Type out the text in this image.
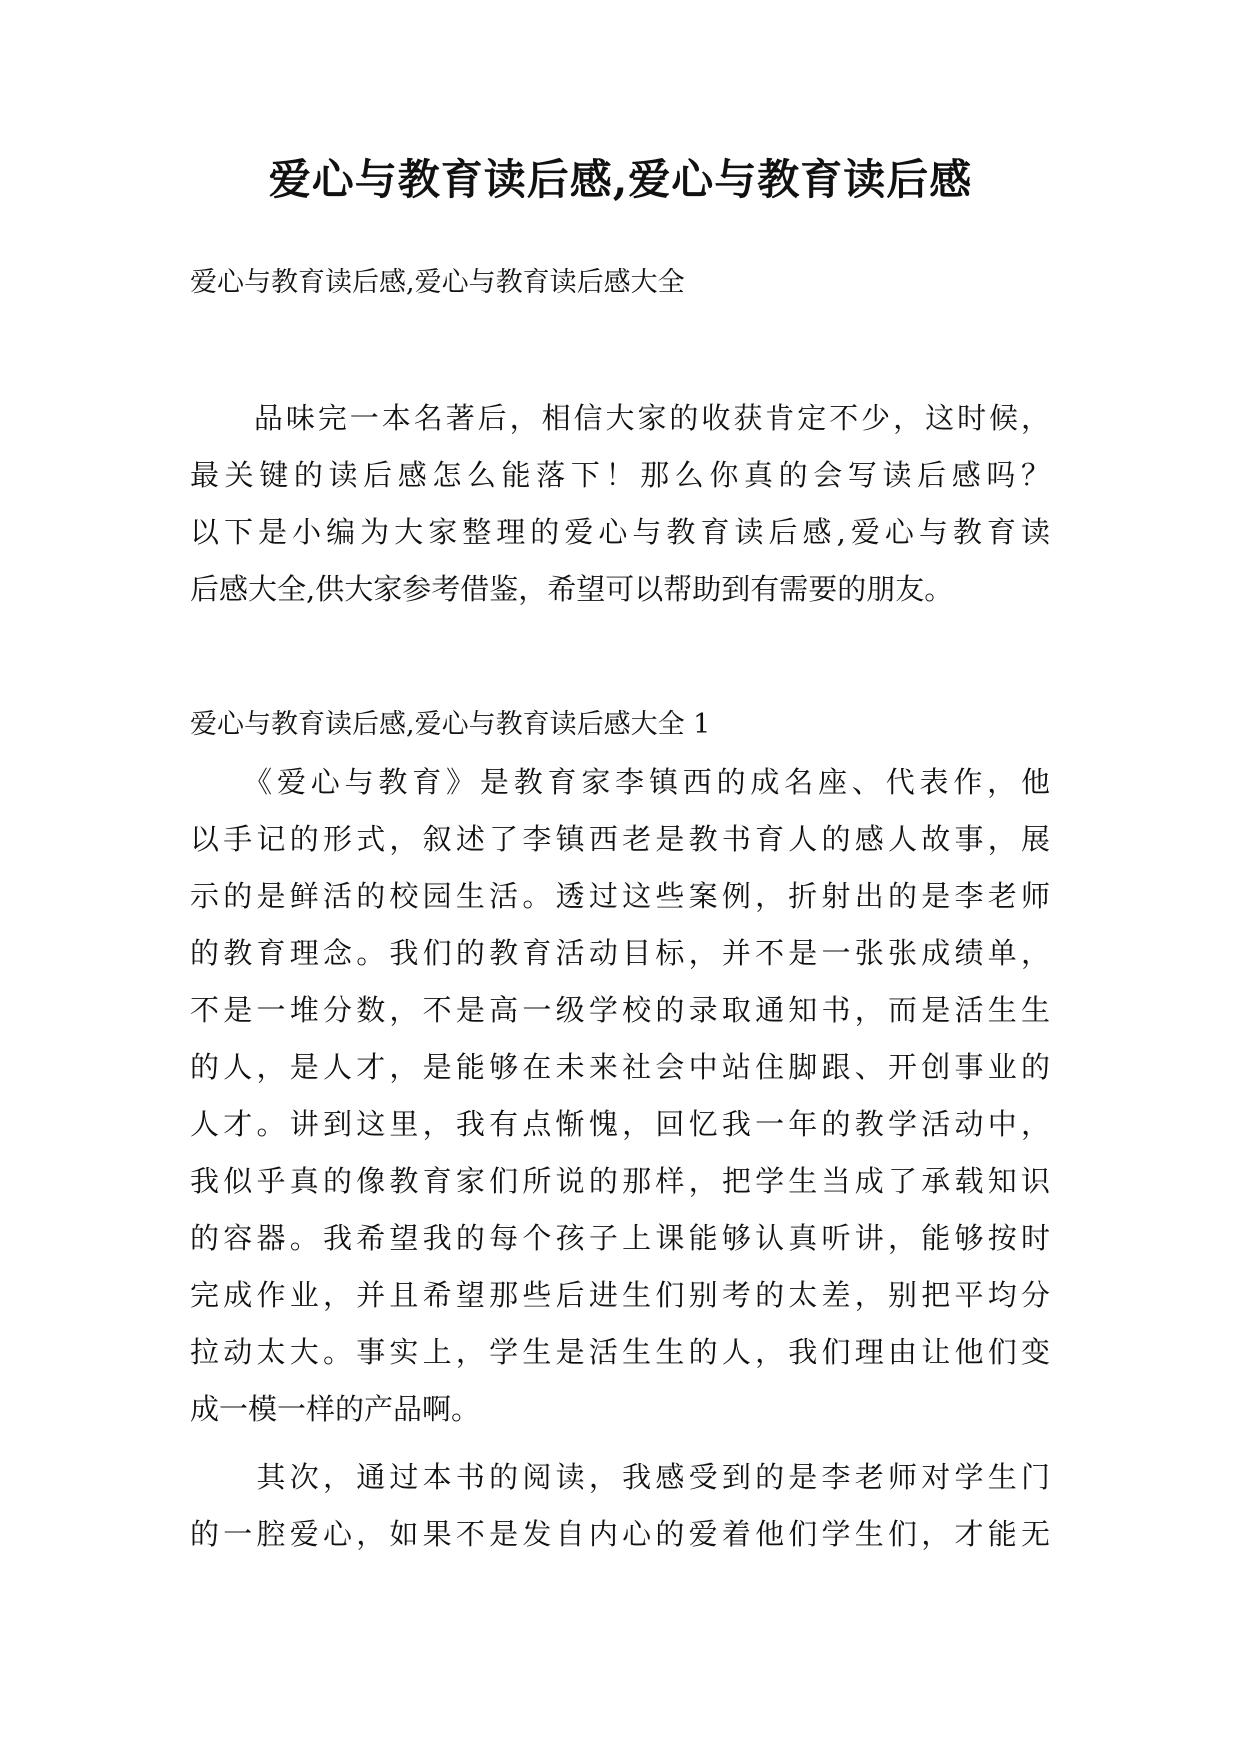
爱心与教育读后感,爱心与教育读后感

爱心与教育读后感,爱心与教育读后感大全

　　品味完一本名著后，相信大家的收获肯定不少，这时候，

最关键的读后感怎么能落下！那么你真的会写读后感吗？

以下是小编为大家整理的爱心与教育读后感,爱心与教育读

后感大全,供大家参考借鉴，希望可以帮助到有需要的朋友。

爱心与教育读后感,爱心与教育读后感大全 1

　　《爱心与教育》是教育家李镇西的成名座、代表作，他

以手记的形式，叙述了李镇西老是教书育人的感人故事，展

示的是鲜活的校园生活。透过这些案例，折射出的是李老师

的教育理念。我们的教育活动目标，并不是一张张成绩单，

不是一堆分数，不是高一级学校的录取通知书，而是活生生

的人，是人才，是能够在未来社会中站住脚跟、开创事业的

人才。讲到这里，我有点惭愧，回忆我一年的教学活动中，

我似乎真的像教育家们所说的那样，把学生当成了承载知识

的容器。我希望我的每个孩子上课能够认真听讲，能够按时

完成作业，并且希望那些后进生们别考的太差，别把平均分

拉动太大。事实上，学生是活生生的人，我们理由让他们变

成一模一样的产品啊。

　　其次，通过本书的阅读，我感受到的是李老师对学生门

的一腔爱心，如果不是发自内心的爱着他们学生们，才能无
